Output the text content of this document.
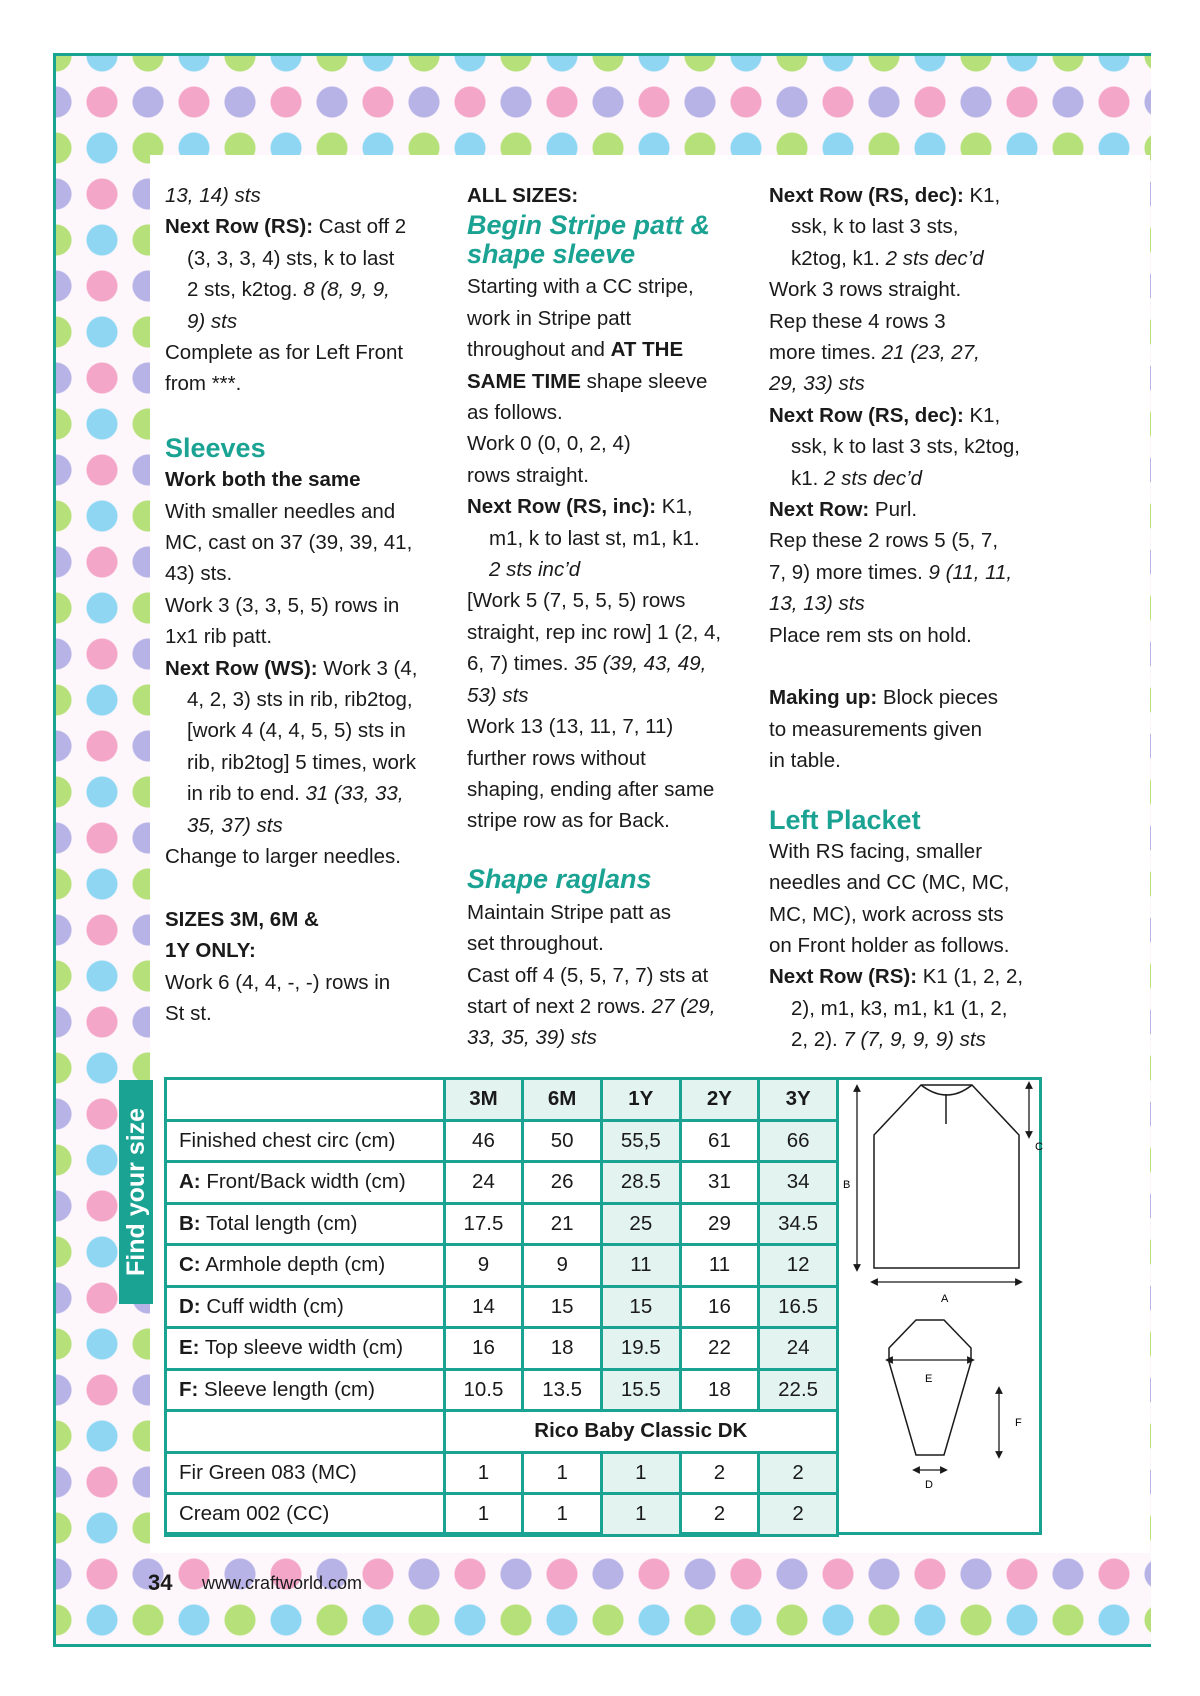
13, 14) sts
Next Row (RS): Cast off 2
(3, 3, 3, 4) sts, k to last
2 sts, k2tog. 8 (8, 9, 9,
9) sts
Complete as for Left Front
from ***.
Sleeves
Work both the same
With smaller needles and
MC, cast on 37 (39, 39, 41,
43) sts.
Work 3 (3, 3, 5, 5) rows in
1x1 rib patt.
Next Row (WS): Work 3 (4,
4, 2, 3) sts in rib, rib2tog,
[work 4 (4, 4, 5, 5) sts in
rib, rib2tog] 5 times, work
in rib to end. 31 (33, 33,
35, 37) sts
Change to larger needles.
SIZES 3M, 6M &
1Y ONLY:
Work 6 (4, 4, -, -) rows in
St st.
ALL SIZES:
Begin Stripe patt &
shape sleeve
Starting with a CC stripe,
work in Stripe patt
throughout and AT THE
SAME TIME shape sleeve
as follows.
Work 0 (0, 0, 2, 4)
rows straight.
Next Row (RS, inc): K1,
m1, k to last st, m1, k1.
2 sts inc’d
[Work 5 (7, 5, 5, 5) rows
straight, rep inc row] 1 (2, 4,
6, 7) times. 35 (39, 43, 49,
53) sts
Work 13 (13, 11, 7, 11)
further rows without
shaping, ending after same
stripe row as for Back.
Shape raglans
Maintain Stripe patt as
set throughout.
Cast off 4 (5, 5, 7, 7) sts at
start of next 2 rows. 27 (29,
33, 35, 39) sts
Next Row (RS, dec): K1,
ssk, k to last 3 sts,
k2tog, k1. 2 sts dec’d
Work 3 rows straight.
Rep these 4 rows 3
more times. 21 (23, 27,
29, 33) sts
Next Row (RS, dec): K1,
ssk, k to last 3 sts, k2tog,
k1. 2 sts dec’d
Next Row: Purl.
Rep these 2 rows 5 (5, 7,
7, 9) more times. 9 (11, 11,
13, 13) sts
Place rem sts on hold.
Making up: Block pieces
to measurements given
in table.
Left Placket
With RS facing, smaller
needles and CC (MC, MC,
MC, MC), work across sts
on Front holder as follows.
Next Row (RS): K1 (1, 2, 2,
2), m1, k3, m1, k1 (1, 2,
2, 2). 7 (7, 9, 9, 9) sts
Find your size
	3M	6M	1Y	2Y	3Y
Finished chest circ (cm)	46	50	55,5	61	66
A: Front/Back width (cm)	24	26	28.5	31	34
B: Total length (cm)	17.5	21	25	29	34.5
C: Armhole depth (cm)	9	9	11	11	12
D: Cuff width (cm)	14	15	15	16	16.5
E: Top sleeve width (cm)	16	18	19.5	22	24
F: Sleeve length (cm)	10.5	13.5	15.5	18	22.5
	Rico Baby Classic DK				
Fir Green 083 (MC)	1	1	1	2	2
Cream 002 (CC)	1	1	1	2	2
B
C
A
E
F
D
34 www.craftworld.com
